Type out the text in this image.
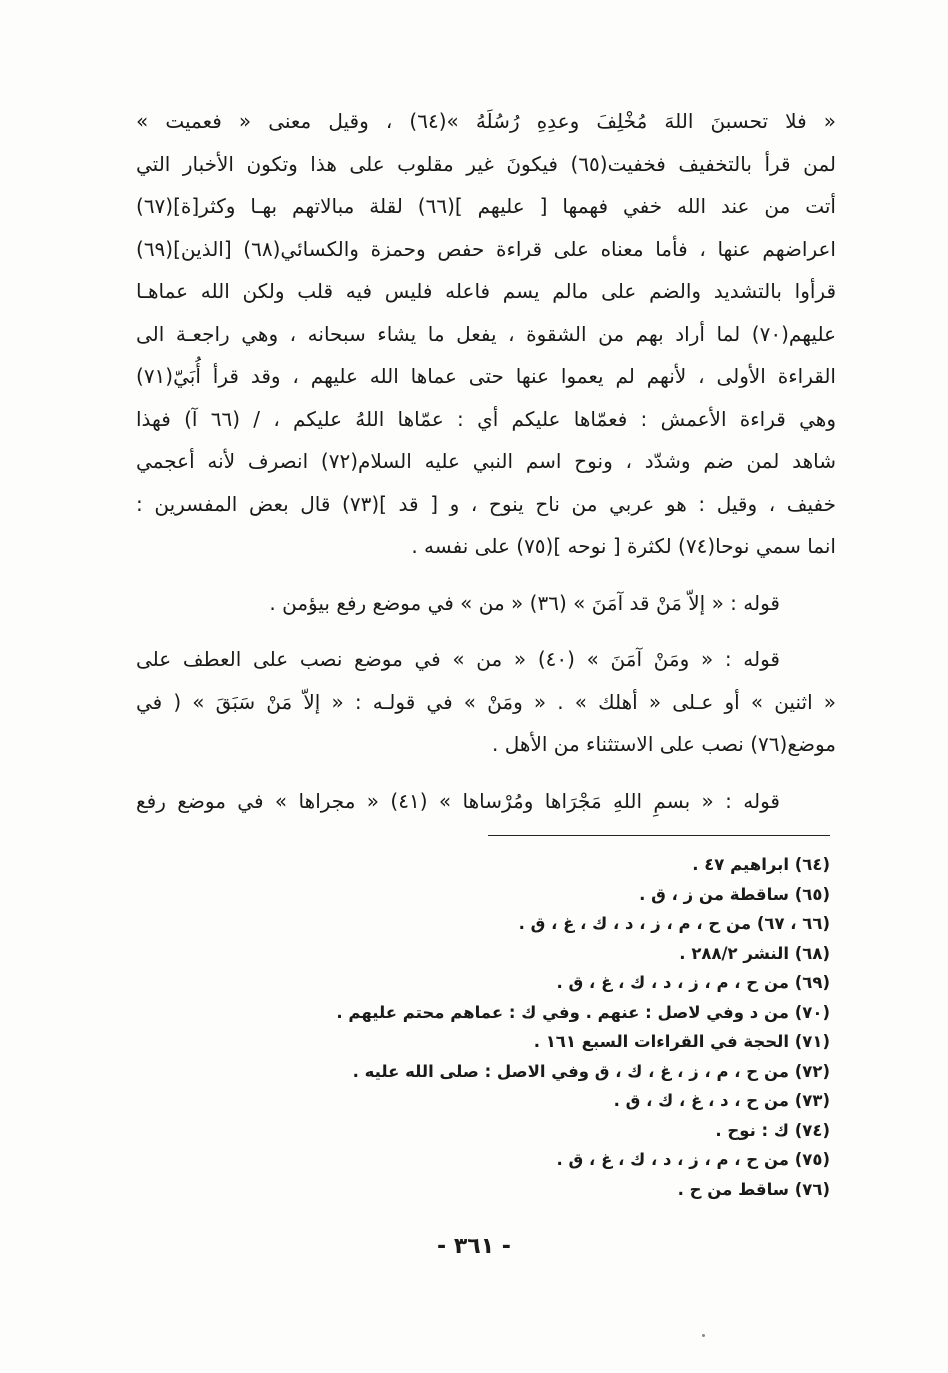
« فلا تحسبنَ اللهَ مُخْلِفَ وعدِهِ رُسُلَهُ »(٦٤) ، وقيل معنى « فعميت »
لمن قرأ بالتخفيف فخفيت(٦٥) فيكونَ غير مقلوب على هذا وتكون الأخبار التي
أتت من عند الله خفي فهمها [ عليهم ](٦٦) لقلة مبالاتهم بهـا وكثر[ة](٦٧)
اعراضهم عنها ، فأما معناه على قراءة حفص وحمزة والكسائي(٦٨) [الذين](٦٩)
قرأوا بالتشديد والضم على مالم يسم فاعله فليس فيه قلب ولكن الله عماهـا
عليهم(٧٠) لما أراد بهم من الشقوة ، يفعل ما يشاء سبحانه ، وهي راجعـة الى
القراءة الأولى ، لأنهم لم يعموا عنها حتى عماها الله عليهم ، وقد قرأ أُبَيّ(٧١)
وهي قراءة الأعمش : فعمّاها عليكم أي : عمّاها اللهُ عليكم ، / (٦٦ آ) فهذا
شاهد لمن ضم وشدّد ، ونوح اسم النبي عليه السلام(٧٢) انصرف لأنه أعجمي
خفيف ، وقيل : هو عربي من ناح ينوح ، و [ قد ](٧٣) قال بعض المفسرين :
انما سمي نوحا(٧٤) لكثرة [ نوحه ](٧٥) على نفسه .
قوله : « إلاّ مَنْ قد آمَنَ » (٣٦) « من » في موضع رفع بيؤمن .
قوله : « ومَنْ آمَنَ » (٤٠) « من » في موضع نصب على العطف على
« اثنين » أو عـلى « أهلك » . « ومَنْ » في قولـه : « إلاّ مَنْ سَبَقَ » ( في
موضع(٧٦) نصب على الاستثناء من الأهل .
قوله : « بسمِ اللهِ مَجْرَاها ومُرْساها » (٤١) « مجراها » في موضع رفع
(٦٤) ابراهيم ٤٧ .
(٦٥) ساقطة من ز ، ق .
(٦٦ ، ٦٧) من ح ، م ، ز ، د ، ك ، غ ، ق .
(٦٨) النشر ٢٨٨/٢ .
(٦٩) من ح ، م ، ز ، د ، ك ، غ ، ق .
(٧٠) من د وفي لاصل : عنهم . وفي ك : عماهم محتم عليهم .
(٧١) الحجة في القراءات السبع ١٦١ .
(٧٢) من ح ، م ، ز ، غ ، ك ، ق وفي الاصل : صلى الله عليه .
(٧٣) من ح ، د ، غ ، ك ، ق .
(٧٤) ك : نوح .
(٧٥) من ح ، م ، ز ، د ، ك ، غ ، ق .
(٧٦) ساقط من ح .
- ٣٦١ -
